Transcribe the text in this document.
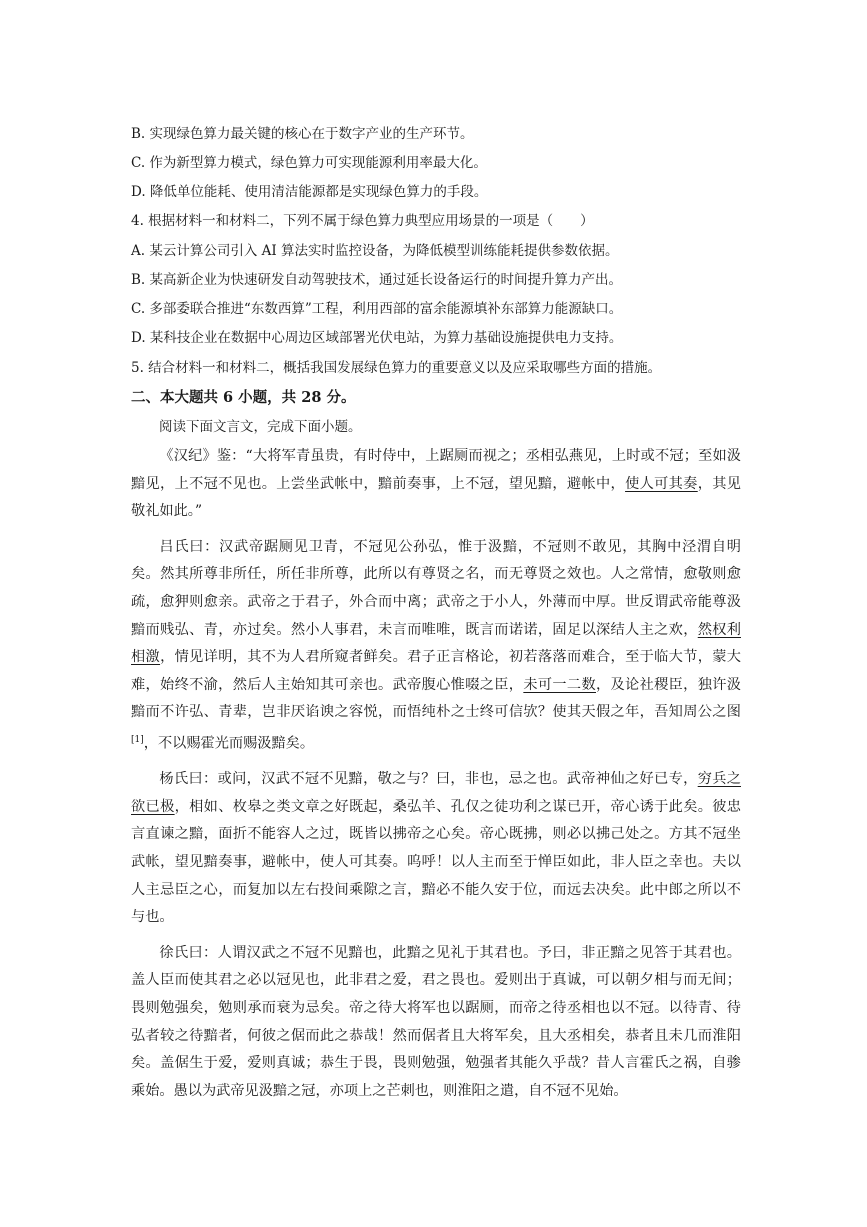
B. 实现绿色算力最关键的核心在于数字产业的生产环节。
C. 作为新型算力模式，绿色算力可实现能源利用率最大化。
D. 降低单位能耗、使用清洁能源都是实现绿色算力的手段。
4. 根据材料一和材料二，下列不属于绿色算力典型应用场景的一项是（　　）
A. 某云计算公司引入 AI 算法实时监控设备，为降低模型训练能耗提供参数依据。
B. 某高新企业为快速研发自动驾驶技术，通过延长设备运行的时间提升算力产出。
C. 多部委联合推进“东数西算”工程，利用西部的富余能源填补东部算力能源缺口。
D. 某科技企业在数据中心周边区域部署光伏电站，为算力基础设施提供电力支持。
5. 结合材料一和材料二，概括我国发展绿色算力的重要意义以及应采取哪些方面的措施。
二、本大题共 6 小题，共 28 分。
阅读下面文言文，完成下面小题。

《汉纪》鉴：“大将军青虽贵，有时侍中，上踞厕而视之；丞相弘燕见，上时或不冠；至如汲黯见，上不冠不见也。上尝坐武帐中，黯前奏事，上不冠，望见黯，避帐中，使人可其奏，其见敬礼如此。”

吕氏曰：汉武帝踞厕见卫青，不冠见公孙弘，惟于汲黯，不冠则不敢见，其胸中泾渭自明矣。然其所尊非所任，所任非所尊，此所以有尊贤之名，而无尊贤之效也。人之常情，愈敬则愈疏，愈狎则愈亲。武帝之于君子，外合而中离；武帝之于小人，外薄而中厚。世反谓武帝能尊汲黯而贱弘、青，亦过矣。然小人事君，未言而唯唯，既言而诺诺，固足以深结人主之欢，然权利相激，情见详明，其不为人君所窥者鲜矣。君子正言格论，初若落落而难合，至于临大节，蒙大难，始终不渝，然后人主始知其可亲也。武帝腹心惟啜之臣，未可一二数，及论社稷臣，独许汲黯而不许弘、青辈，岂非厌谄谀之容悦，而悟纯朴之士终可信欤？使其天假之年，吾知周公之图[1]，不以赐霍光而赐汲黯矣。

杨氏曰：或问，汉武不冠不见黯，敬之与？曰，非也，忌之也。武帝神仙之好已专，穷兵之欲已极，相如、枚皋之类文章之好既起，桑弘羊、孔仅之徒功利之谋已开，帝心诱于此矣。彼忠言直谏之黯，面折不能容人之过，既皆以拂帝之心矣。帝心既拂，则必以拂己处之。方其不冠坐武帐，望见黯奏事，避帐中，使人可其奏。呜呼！以人主而至于惮臣如此，非人臣之幸也。夫以人主忌臣之心，而复加以左右投间乘隙之言，黯必不能久安于位，而远去决矣。此中郎之所以不与也。

徐氏曰：人谓汉武之不冠不见黯也，此黯之见礼于其君也。予曰，非正黯之见答于其君也。盖人臣而使其君之必以冠见也，此非君之爱，君之畏也。爱则出于真诚，可以朝夕相与而无间；畏则勉强矣，勉则承而衰为忌矣。帝之待大将军也以踞厕，而帝之待丞相也以不冠。以待青、待弘者较之待黯者，何彼之倨而此之恭哉！然而倨者且大将军矣，且大丞相矣，恭者且未几而淮阳矣。盖倨生于爱，爱则真诚；恭生于畏，畏则勉强，勉强者其能久乎哉？昔人言霍氏之祸，自骖乘始。愚以为武帝见汲黯之冠，亦项上之芒刺也，则淮阳之遣，自不冠不见始。
